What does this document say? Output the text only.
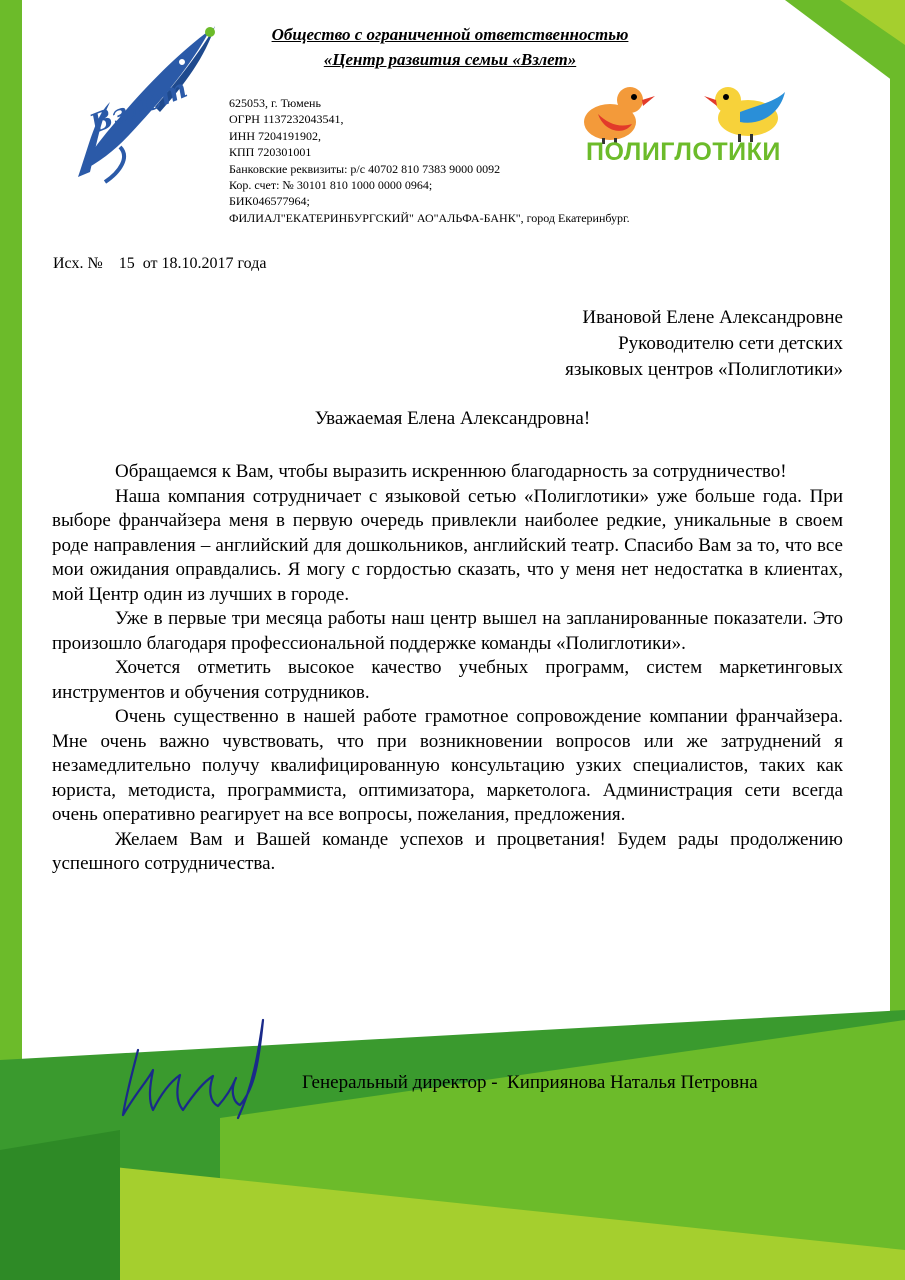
Взлёт
ПОЛИГЛОТИКИ
Общество с ограниченной ответственностью
«Центр развития семьи «Взлет»
625053, г. Тюмень
ОГРН 1137232043541,
ИНН 7204191902,
КПП 720301001
Банковские реквизиты: р/с 40702 810 7383 9000 0092
Кор. счет: № 30101 810 1000 0000 0964;
БИК046577964;
ФИЛИАЛ"ЕКАТЕРИНБУРГСКИЙ" АО"АЛЬФА-БАНК", город Екатеринбург.
Исх. №    15  от 18.10.2017 года
Ивановой Елене Александровне
Руководителю сети детских
языковых центров «Полиглотики»
Уважаемая Елена Александровна!

Обращаемся к Вам, чтобы выразить искреннюю благодарность за сотрудничество!

Наша компания сотрудничает с языковой сетью «Полиглотики» уже больше года. При выборе франчайзера меня в первую очередь привлекли наиболее редкие, уникальные в своем роде направления – английский для дошкольников, английский театр. Спасибо Вам за то, что все мои ожидания оправдались. Я могу с гордостью сказать, что у меня нет недостатка в клиентах, мой Центр один из лучших в городе.

Уже в первые три месяца работы наш центр вышел на запланированные показатели. Это произошло благодаря профессиональной поддержке команды «Полиглотики».

Хочется отметить высокое качество учебных программ, систем маркетинговых инструментов и обучения сотрудников.

Очень существенно в нашей работе грамотное сопровождение компании франчайзера. Мне очень важно чувствовать, что при возникновении вопросов или же затруднений я незамедлительно получу квалифицированную консультацию узких специалистов, таких как юриста, методиста, программиста, оптимизатора, маркетолога. Администрация сети всегда очень оперативно реагирует на все вопросы, пожелания, предложения.

Желаем Вам и Вашей команде успехов и процветания! Будем рады продолжению успешного сотрудничества.

Генеральный директор -  Киприянова Наталья Петровна
